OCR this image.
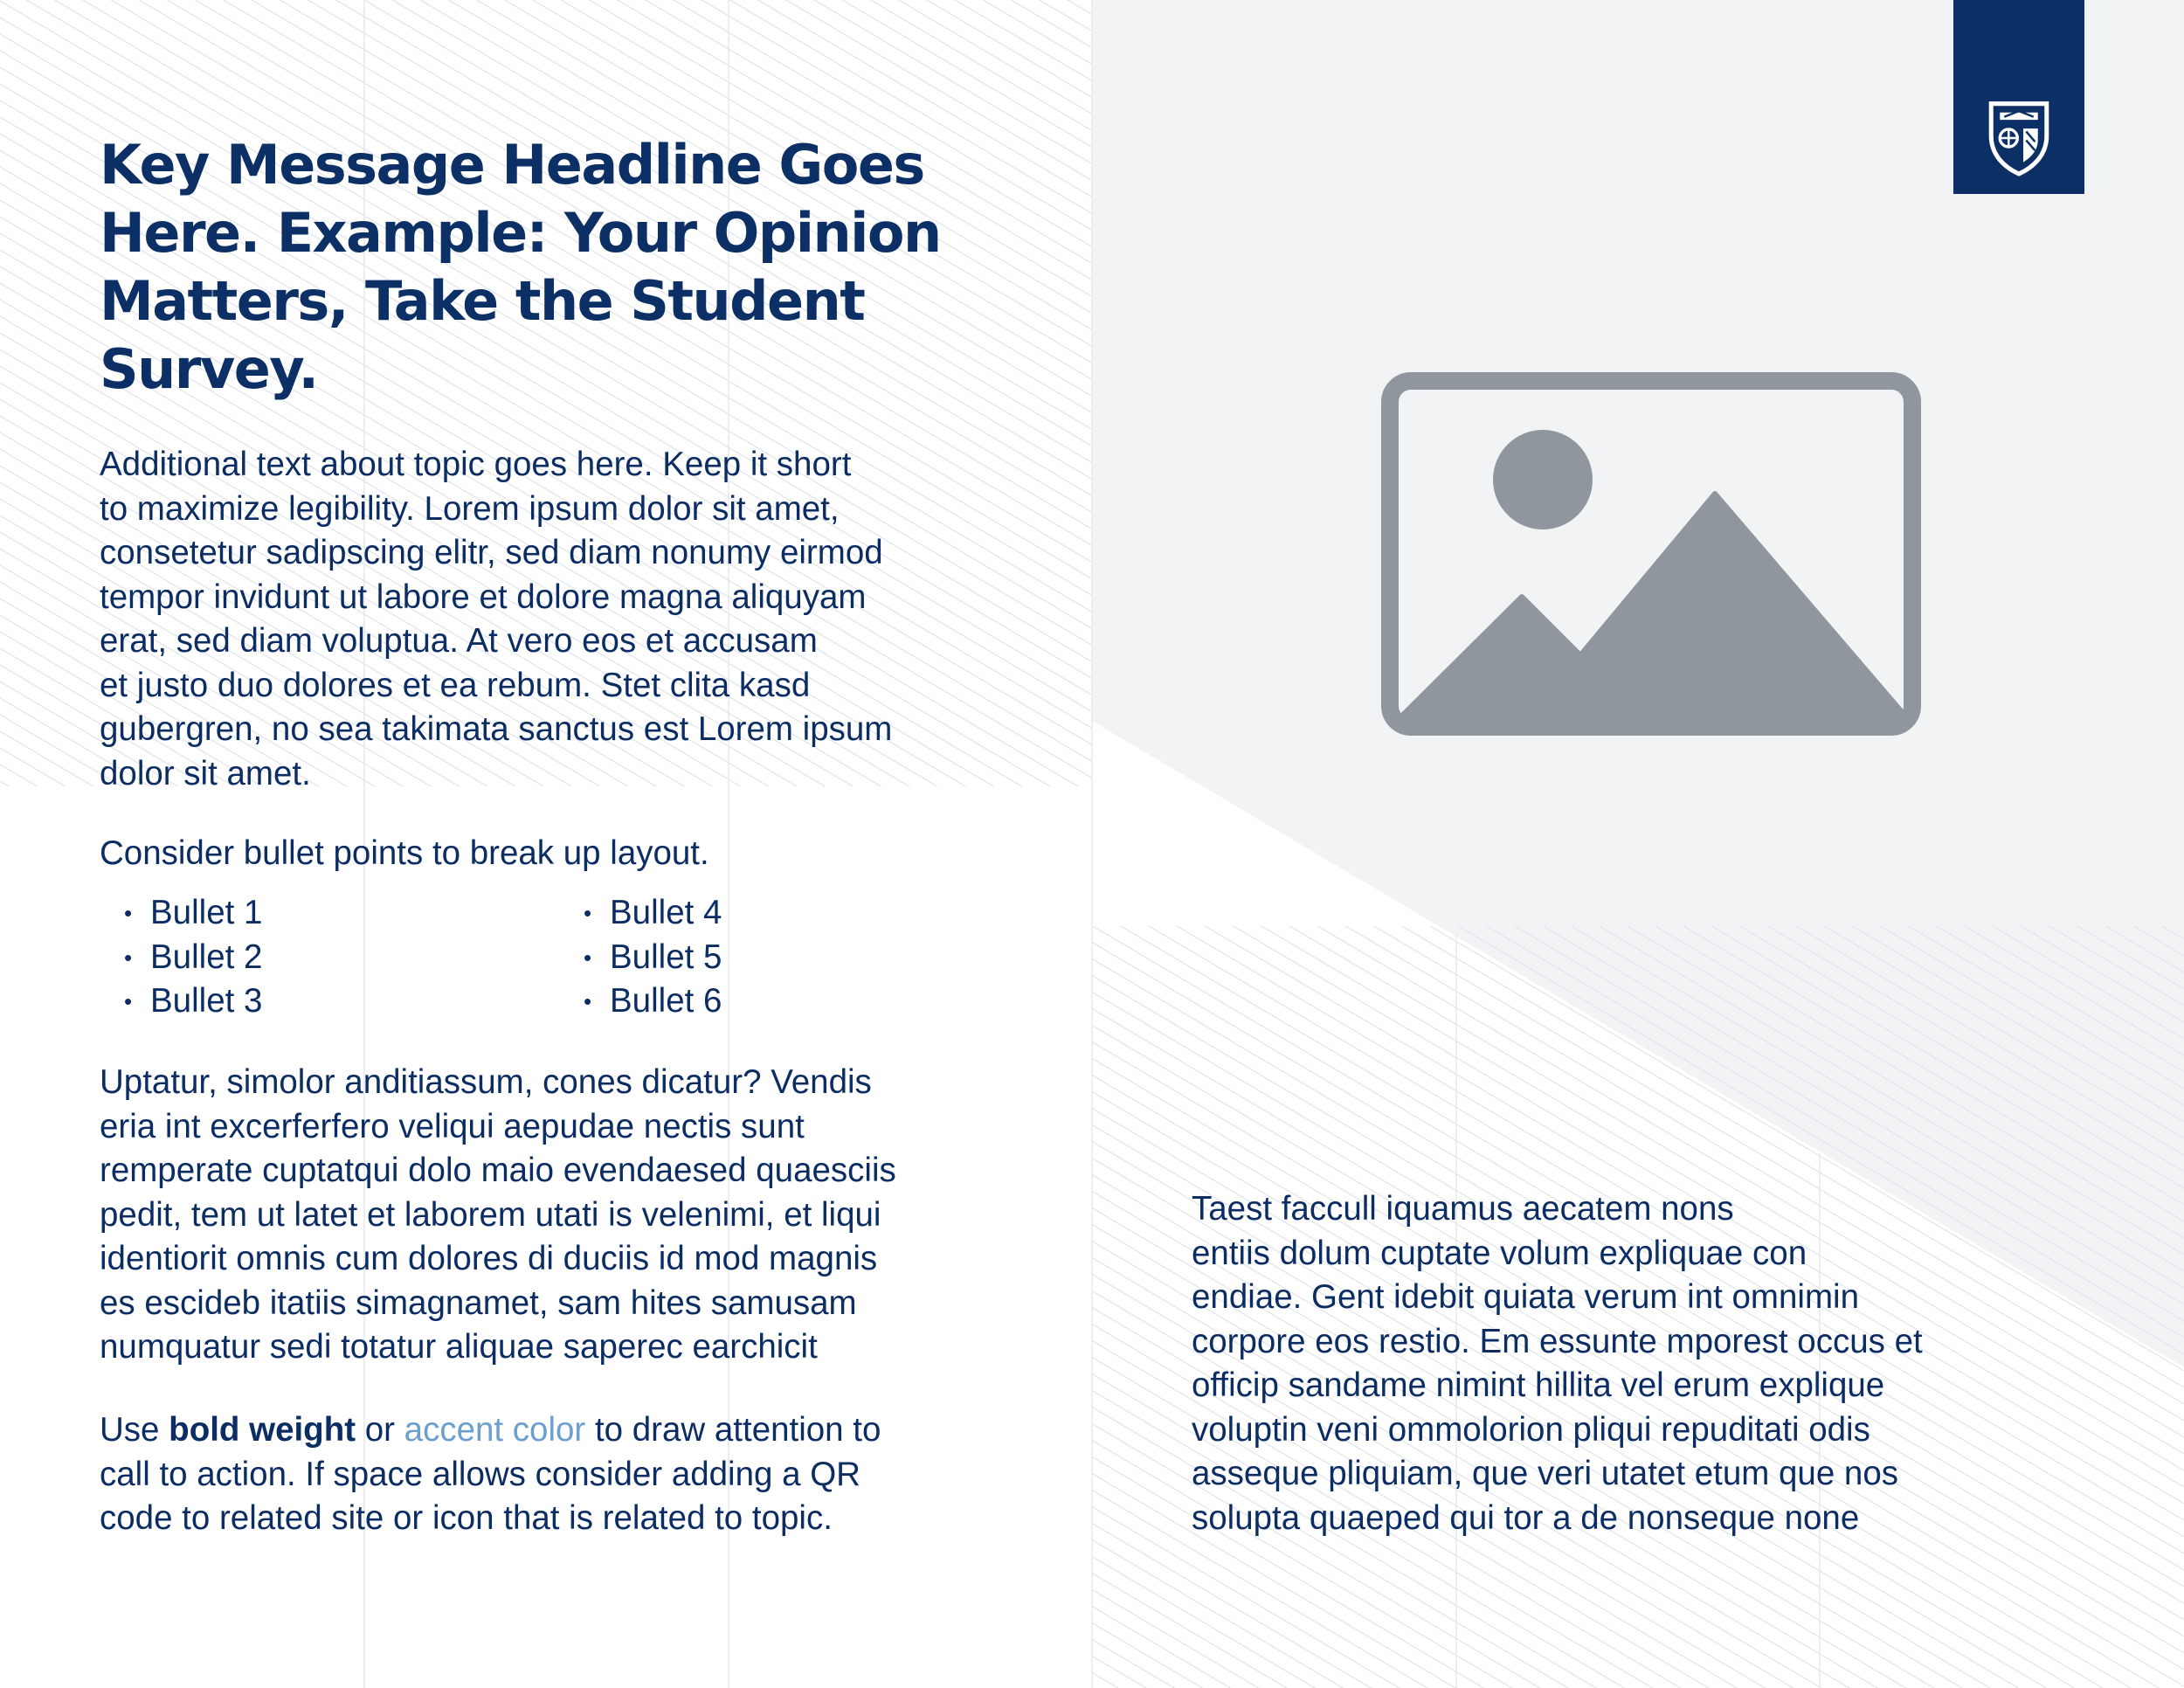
Key Message Headline Goes Here. Example: Your Opinion Matters, Take the Student Survey.

Additional text about topic goes here. Keep it short
to maximize legibility. Lorem ipsum dolor sit amet,
consetetur sadipscing elitr, sed diam nonumy eirmod
tempor invidunt ut labore et dolore magna aliquyam
erat, sed diam voluptua. At vero eos et accusam
et justo duo dolores et ea rebum. Stet clita kasd
gubergren, no sea takimata sanctus est Lorem ipsum
dolor sit amet.

Consider bullet points to break up layout.

• Bullet 1
• Bullet 2
• Bullet 3
• Bullet 4
• Bullet 5
• Bullet 6

Uptatur, simolor anditiassum, cones dicatur? Vendis
eria int excerferfero veliqui aepudae nectis sunt
remperate cuptatqui dolo maio evendaesed quaesciis
pedit, tem ut latet et laborem utati is velenimi, et liqui
identiorit omnis cum dolores di duciis id mod magnis
es escideb itatiis simagnamet, sam hites samusam
numquatur sedi totatur aliquae saperec earchicit

Use bold weight or accent color to draw attention to
call to action. If space allows consider adding a QR
code to related site or icon that is related to topic.

Taest faccull iquamus aecatem nons
entiis dolum cuptate volum expliquae con
endiae. Gent idebit quiata verum int omnimin
corpore eos restio. Em essunte mporest occus et
officip sandame nimint hillita vel erum explique
voluptin veni ommolorion pliqui repuditati odis
asseque pliquiam, que veri utatet etum que nos
solupta quaeped qui tor a de nonseque none
